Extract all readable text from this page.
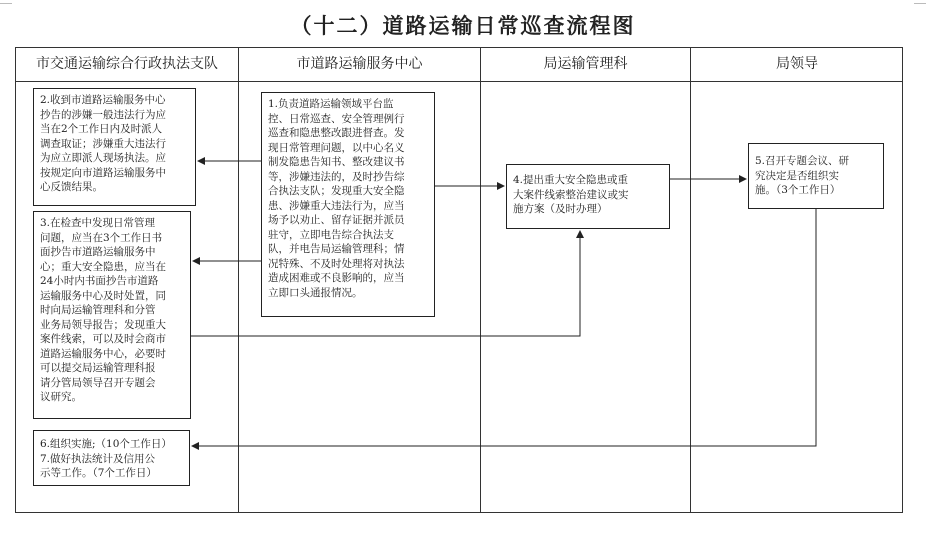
（十二）道路运输日常巡查流程图
市交通运输综合行政执法支队	市道路运输服务中心	局运输管理科	局领导
2.收到市道路运输服务中心
抄告的涉嫌一般违法行为应
当在2个工作日内及时派人
调查取证；涉嫌重大违法行
为应立即派人现场执法。应
按规定向市道路运输服务中
心反馈结果。
1.负责道路运输领域平台监
控、日常巡查、安全管理例行
巡查和隐患整改跟进督查。发
现日常管理问题，以中心名义
制发隐患告知书、整改建议书
等，涉嫌违法的，及时抄告综
合执法支队；发现重大安全隐
患、涉嫌重大违法行为，应当
场予以劝止、留存证据并派员
驻守，立即电告综合执法支
队，并电告局运输管理科；情
况特殊、不及时处理将对执法
造成困难或不良影响的，应当
立即口头通报情况。
3.在检查中发现日常管理
问题，应当在3个工作日书
面抄告市道路运输服务中
心；重大安全隐患，应当在
24小时内书面抄告市道路
运输服务中心及时处置，同
时向局运输管理科和分管
业务局领导报告；发现重大
案件线索，可以及时会商市
道路运输服务中心，必要时
可以提交局运输管理科报
请分管局领导召开专题会
议研究。
4.提出重大安全隐患或重
大案件线索整治建议或实
施方案（及时办理）
5.召开专题会议、研
究决定是否组织实
施。（3个工作日）
6.组织实施;（10个工作日）
7.做好执法统计及信用公
示等工作。（7个工作日）
